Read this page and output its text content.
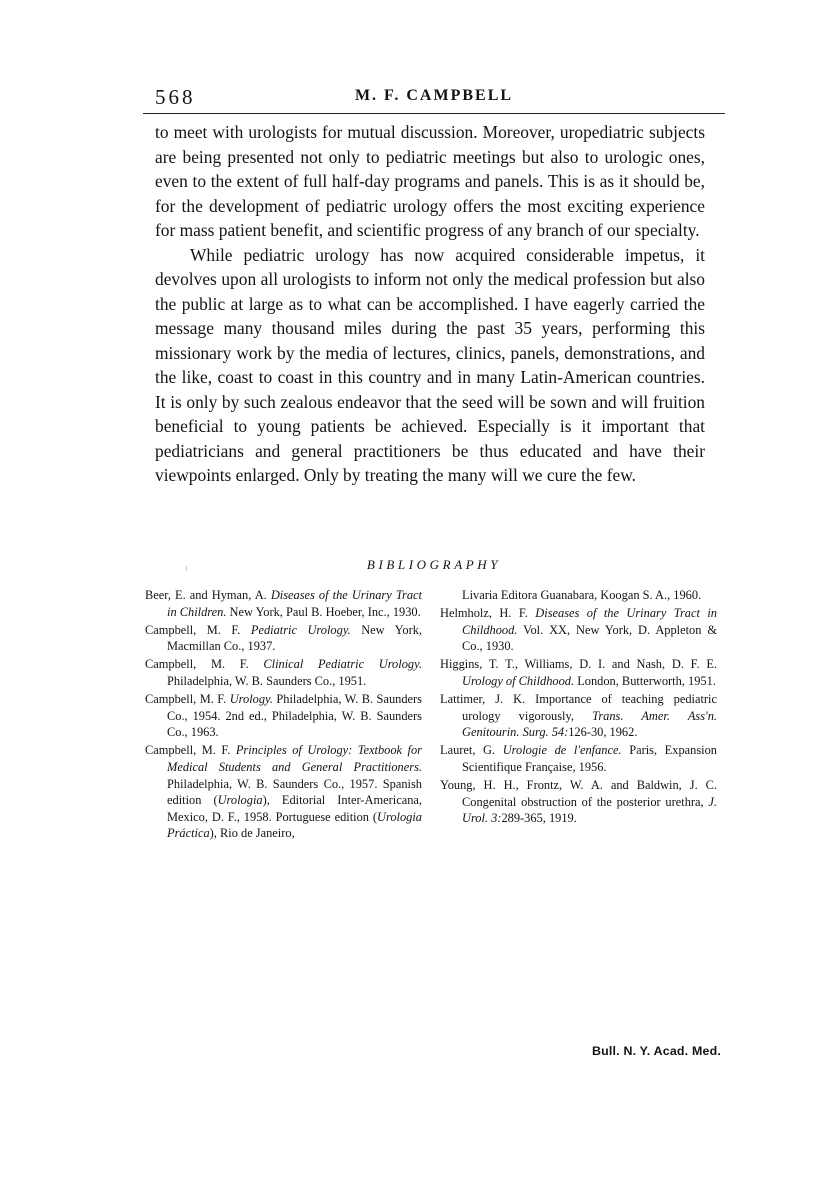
568	M. F. CAMPBELL

to meet with urologists for mutual discussion. Moreover, uropediatric subjects are being presented not only to pediatric meetings but also to urologic ones, even to the extent of full half-day programs and panels. This is as it should be, for the development of pediatric urology offers the most exciting experience for mass patient benefit, and scientific progress of any branch of our specialty.

While pediatric urology has now acquired considerable impetus, it devolves upon all urologists to inform not only the medical profession but also the public at large as to what can be accomplished. I have eagerly carried the message many thousand miles during the past 35 years, performing this missionary work by the media of lectures, clinics, panels, demonstrations, and the like, coast to coast in this country and in many Latin-American countries. It is only by such zealous endeavor that the seed will be sown and will fruition beneficial to young patients be achieved. Especially is it important that pediatricians and general practitioners be thus educated and have their viewpoints enlarged. Only by treating the many will we cure the few.

BIBLIOGRAPHY

Beer, E. and Hyman, A. Diseases of the Urinary Tract in Children. New York, Paul B. Hoeber, Inc., 1930.

Campbell, M. F. Pediatric Urology. New York, Macmillan Co., 1937.

Campbell, M. F. Clinical Pediatric Urology. Philadelphia, W. B. Saunders Co., 1951.

Campbell, M. F. Urology. Philadelphia, W. B. Saunders Co., 1954. 2nd ed., Philadelphia, W. B. Saunders Co., 1963.

Campbell, M. F. Principles of Urology: Textbook for Medical Students and General Practitioners. Philadelphia, W. B. Saunders Co., 1957. Spanish edition (Urologia), Editorial Inter-Americana, Mexico, D. F., 1958. Portuguese edition (Urologia Práctica), Rio de Janeiro,

Livaria Editora Guanabara, Koogan S. A., 1960.

Helmholz, H. F. Diseases of the Urinary Tract in Childhood. Vol. XX, New York, D. Appleton & Co., 1930.

Higgins, T. T., Williams, D. I. and Nash, D. F. E. Urology of Childhood. London, Butterworth, 1951.

Lattimer, J. K. Importance of teaching pediatric urology vigorously, Trans. Amer. Ass'n. Genitourin. Surg. 54:126-30, 1962.

Lauret, G. Urologie de l'enfance. Paris, Expansion Scientifique Française, 1956.

Young, H. H., Frontz, W. A. and Baldwin, J. C. Congenital obstruction of the posterior urethra, J. Urol. 3:289-365, 1919.

Bull. N. Y. Acad. Med.
